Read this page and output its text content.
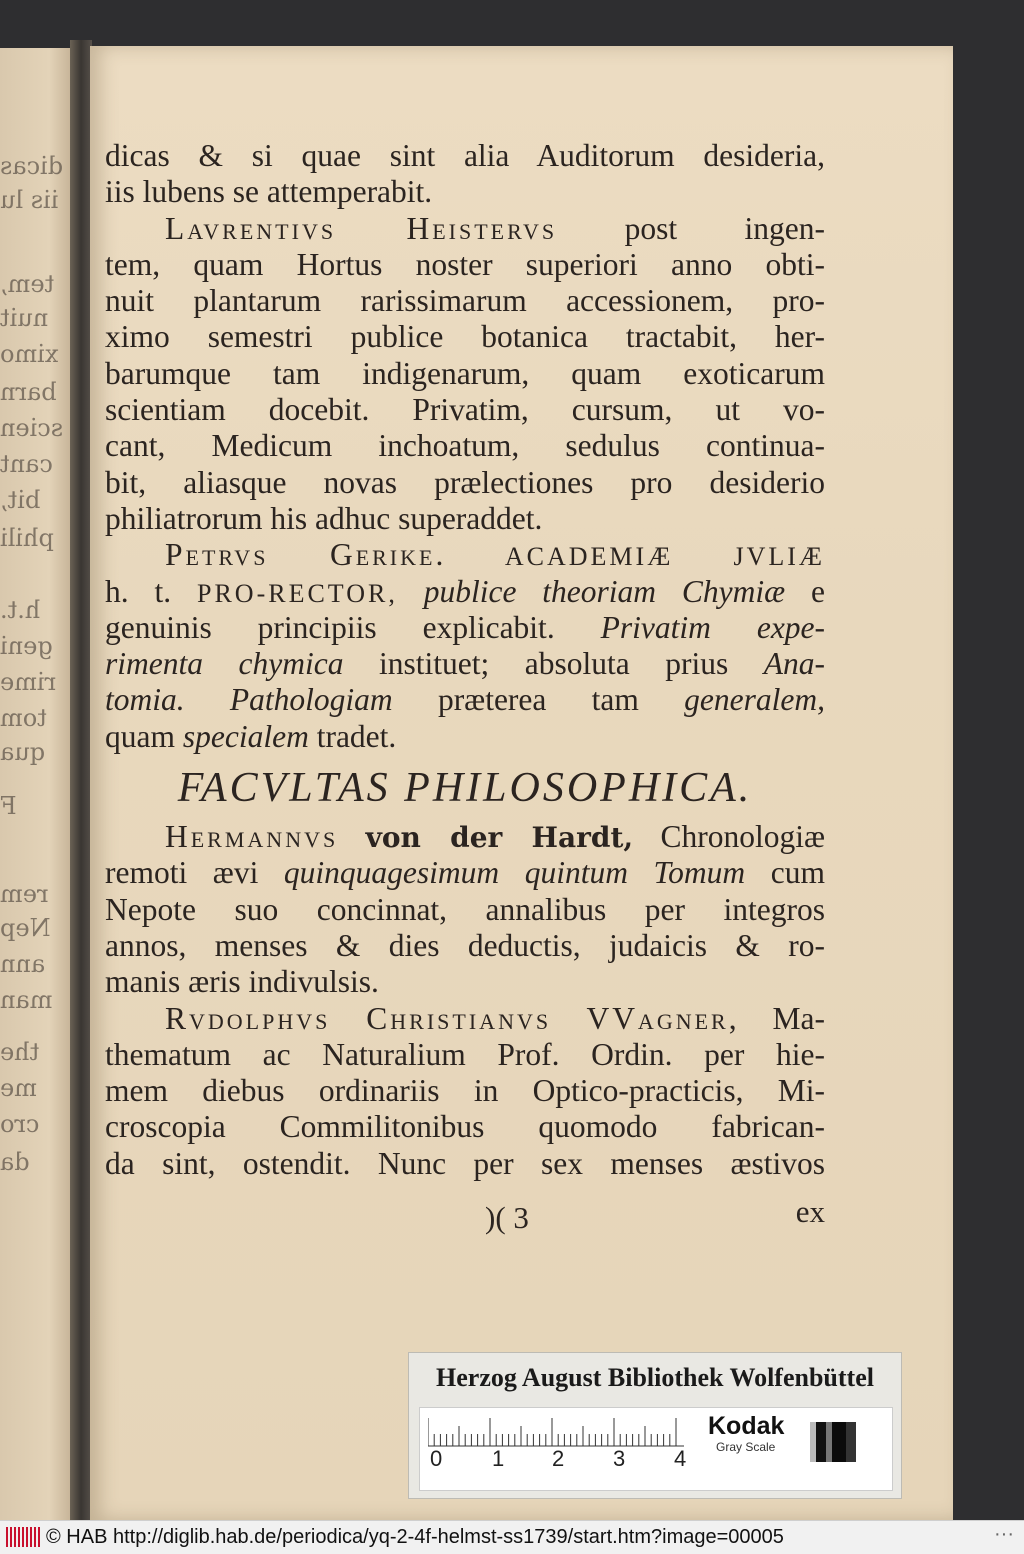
dicas
iis lu
tem,
nuit
ximo
barn
scien
cant
bit,
phili
h.t.
geni
rime
tom
qua
F
rem
Nep
ann
man
the
me
cro
da
dicas & si quae sint alia Auditorum desideria,
iis lubens se attemperabit.
Lavrentivs Heistervs post ingen-
tem, quam Hortus noster superiori anno obti-
nuit plantarum rarissimarum accessionem, pro-
ximo semestri publice botanica tractabit, her-
barumque tam indigenarum, quam exoticarum
scientiam docebit. Privatim, cursum, ut vo-
cant, Medicum inchoatum, sedulus continua-
bit, aliasque novas prælectiones pro desiderio
philiatrorum his adhuc superaddet.
Petrvs Gerike. ACADEMIÆ JVLIÆ
h. t. PRO-RECTOR, publice theoriam Chymiæ e
genuinis principiis explicabit. Privatim expe-
rimenta chymica instituet; absoluta prius Ana-
tomia. Pathologiam præterea tam generalem,
quam specialem tradet.
FACVLTAS PHILOSOPHICA.
Hermannvs von der Hardt, Chronologiæ
remoti ævi quinquagesimum quintum Tomum cum
Nepote suo concinnat, annalibus per integros
annos, menses & dies deductis, judaicis & ro-
manis æris indivulsis.
Rvdolphvs Christianvs VVagner, Ma-
thematum ac Naturalium Prof. Ordin. per hie-
mem diebus ordinariis in Optico-practicis, Mi-
croscopia Commilitonibus quomodo fabrican-
da sint, ostendit. Nunc per sex menses æstivos
)( 3	ex
Herzog August Bibliothek Wolfenbüttel
0 1 2 3 4
Kodak
Gray Scale
© HAB http://diglib.hab.de/periodica/yq-2-4f-helmst-ss1739/start.htm?image=00005	···
